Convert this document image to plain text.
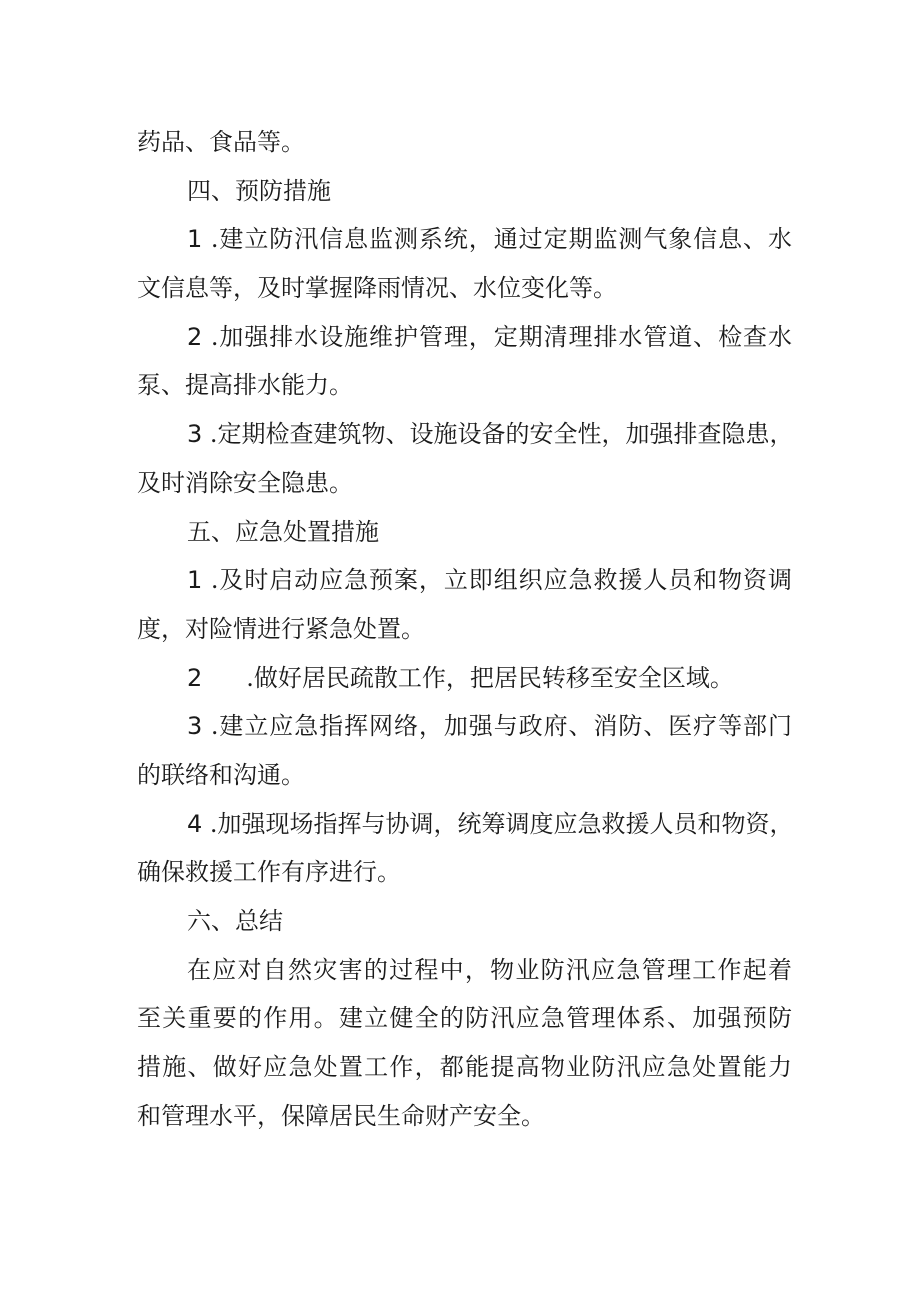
药品、食品等。
四、预防措施
1 .建立防汛信息监测系统，通过定期监测气象信息、水
文信息等，及时掌握降雨情况、水位变化等。
2 .加强排水设施维护管理，定期清理排水管道、检查水
泵、提高排水能力。
3 .定期检查建筑物、设施设备的安全性，加强排查隐患，
及时消除安全隐患。
五、应急处置措施
1 .及时启动应急预案，立即组织应急救援人员和物资调
度，对险情进行紧急处置。
2 .做好居民疏散工作，把居民转移至安全区域。
3 .建立应急指挥网络，加强与政府、消防、医疗等部门
的联络和沟通。
4 .加强现场指挥与协调，统筹调度应急救援人员和物资，
确保救援工作有序进行。
六、总结
在应对自然灾害的过程中，物业防汛应急管理工作起着
至关重要的作用。建立健全的防汛应急管理体系、加强预防
措施、做好应急处置工作，都能提高物业防汛应急处置能力
和管理水平，保障居民生命财产安全。
